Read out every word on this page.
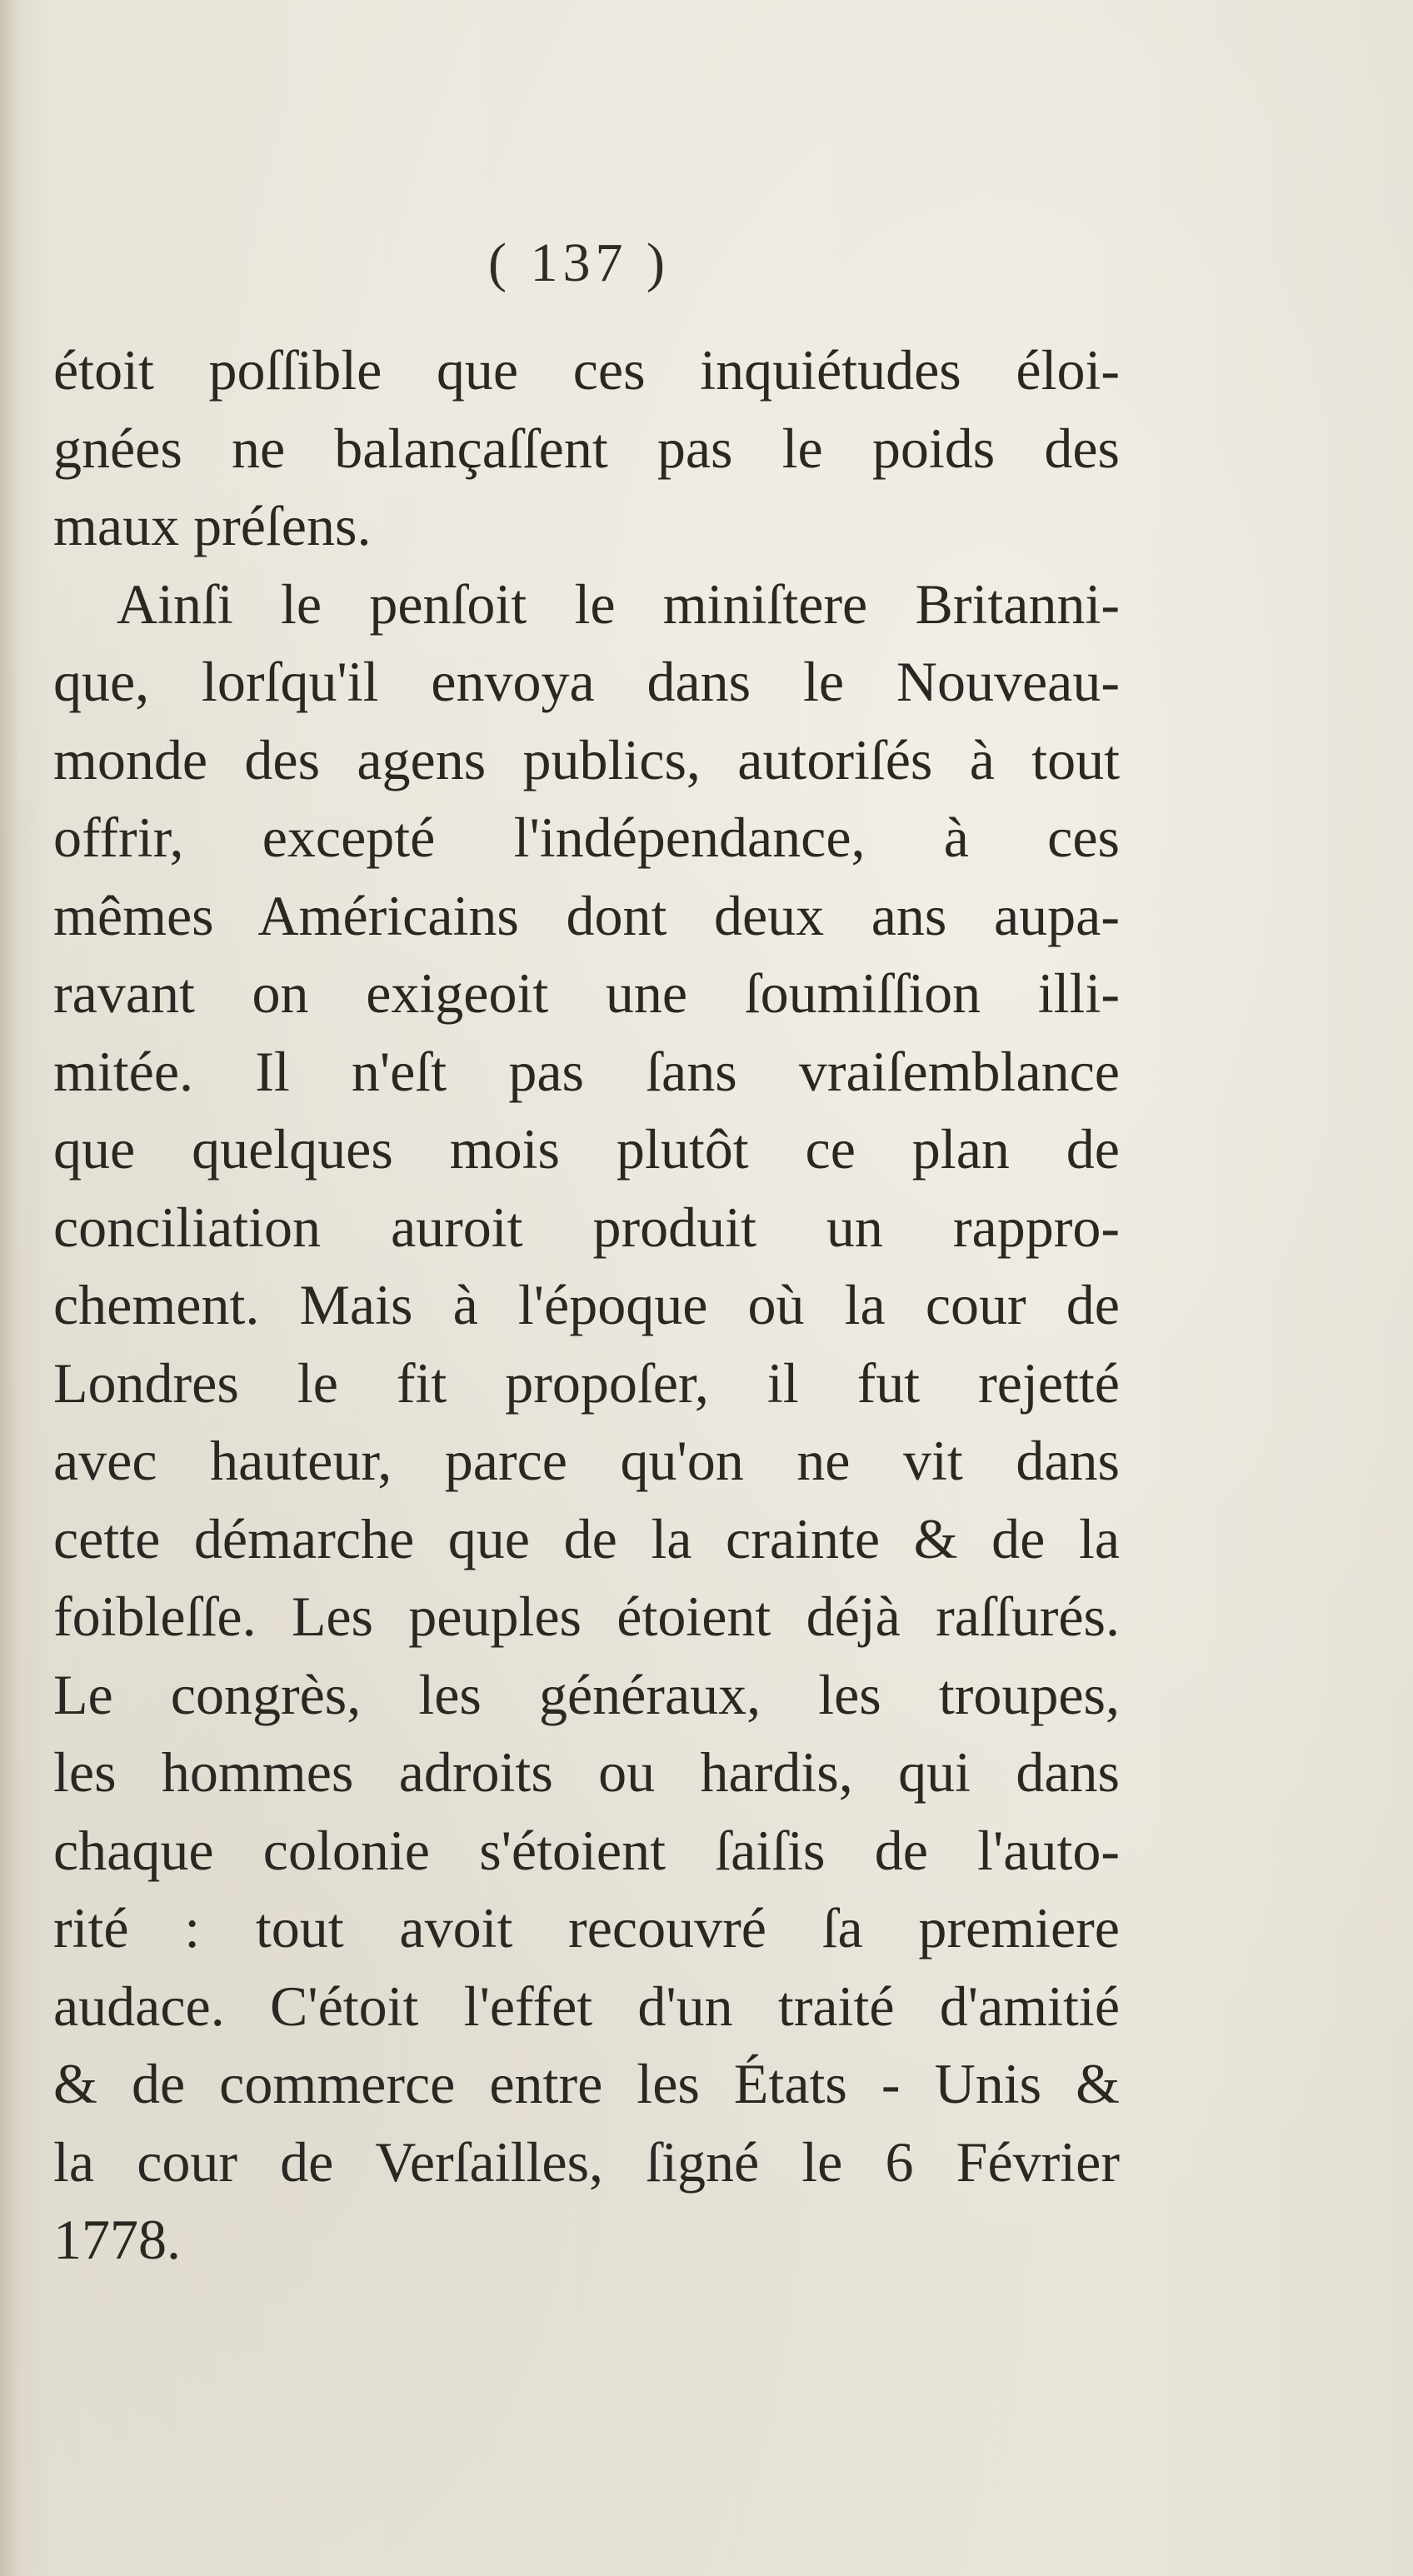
( 137 )
étoit poſſible que ces inquiétudes éloi-
gnées ne balançaſſent pas le poids des
maux préſens.
Ainſi le penſoit le miniſtere Britanni-
que, lorſqu'il envoya dans le Nouveau-
monde des agens publics, autoriſés à tout
offrir, excepté l'indépendance, à ces
mêmes Américains dont deux ans aupa-
ravant on exigeoit une ſoumiſſion illi-
mitée. Il n'eſt pas ſans vraiſemblance
que quelques mois plutôt ce plan de
conciliation auroit produit un rappro-
chement. Mais à l'époque où la cour de
Londres le fit propoſer, il fut rejetté
avec hauteur, parce qu'on ne vit dans
cette démarche que de la crainte & de la
foibleſſe. Les peuples étoient déjà raſſurés.
Le congrès, les généraux, les troupes,
les hommes adroits ou hardis, qui dans
chaque colonie s'étoient ſaiſis de l'auto-
rité : tout avoit recouvré ſa premiere
audace. C'étoit l'effet d'un traité d'amitié
& de commerce entre les États - Unis &
la cour de Verſailles, ſigné le 6 Février
1778.
